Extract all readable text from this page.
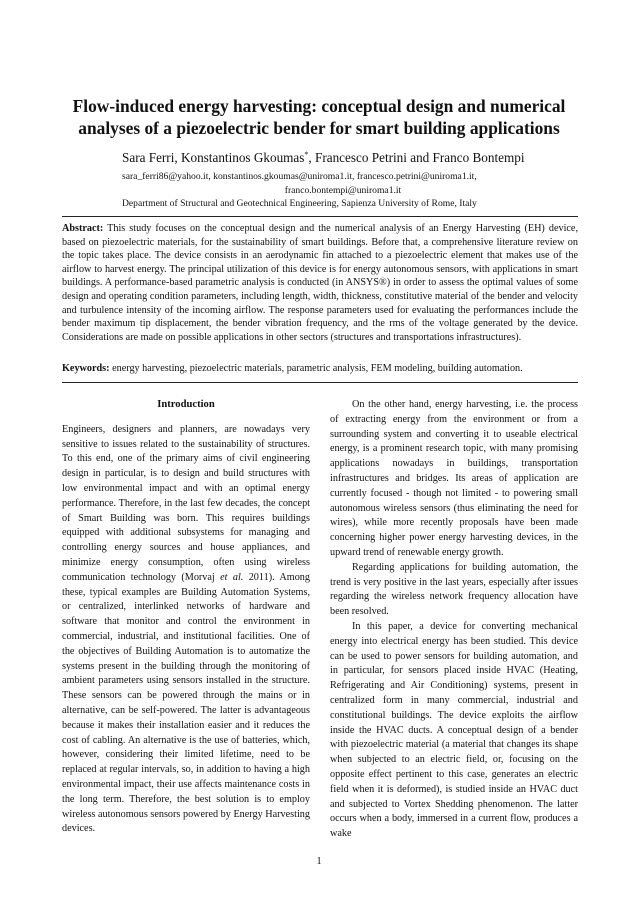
Flow-induced energy harvesting: conceptual design and numerical analyses of a piezoelectric bender for smart building applications
Sara Ferri, Konstantinos Gkoumas*, Francesco Petrini and Franco Bontempi
sara_ferri86@yahoo.it, konstantinos.gkoumas@uniroma1.it, francesco.petrini@uniroma1.it,
franco.bontempi@uniroma1.it
Department of Structural and Geotechnical Engineering, Sapienza University of Rome, Italy
Abstract: This study focuses on the conceptual design and the numerical analysis of an Energy Harvesting (EH) device, based on piezoelectric materials, for the sustainability of smart buildings. Before that, a comprehensive literature review on the topic takes place. The device consists in an aerodynamic fin attached to a piezoelectric element that makes use of the airflow to harvest energy. The principal utilization of this device is for energy autonomous sensors, with applications in smart buildings. A performance-based parametric analysis is conducted (in ANSYS®) in order to assess the optimal values of some design and operating condition parameters, including length, width, thickness, constitutive material of the bender and velocity and turbulence intensity of the incoming airflow. The response parameters used for evaluating the performances include the bender maximum tip displacement, the bender vibration frequency, and the rms of the voltage generated by the device. Considerations are made on possible applications in other sectors (structures and transportations infrastructures).
Keywords: energy harvesting, piezoelectric materials, parametric analysis, FEM modeling, building automation.
Introduction

Engineers, designers and planners, are nowadays very sensitive to issues related to the sustainability of structures. To this end, one of the primary aims of civil engineering design in particular, is to design and build structures with low environmental impact and with an optimal energy performance. Therefore, in the last few decades, the concept of Smart Building was born. This requires buildings equipped with additional subsystems for managing and controlling energy sources and house appliances, and minimize energy consumption, often using wireless communication technology (Morvaj et al. 2011). Among these, typical examples are Building Automation Systems, or centralized, interlinked networks of hardware and software that monitor and control the environment in commercial, industrial, and institutional facilities. One of the objectives of Building Automation is to automatize the systems present in the building through the monitoring of ambient parameters using sensors installed in the structure. These sensors can be powered through the mains or in alternative, can be self-powered. The latter is advantageous because it makes their installation easier and it reduces the cost of cabling. An alternative is the use of batteries, which, however, considering their limited lifetime, need to be replaced at regular intervals, so, in addition to having a high environmental impact, their use affects maintenance costs in the long term. Therefore, the best solution is to employ wireless autonomous sensors powered by Energy Harvesting devices.

On the other hand, energy harvesting, i.e. the process of extracting energy from the environment or from a surrounding system and converting it to useable electrical energy, is a prominent research topic, with many promising applications nowadays in buildings, transportation infrastructures and bridges. Its areas of application are currently focused - though not limited - to powering small autonomous wireless sensors (thus eliminating the need for wires), while more recently proposals have been made concerning higher power energy harvesting devices, in the upward trend of renewable energy growth.

Regarding applications for building automation, the trend is very positive in the last years, especially after issues regarding the wireless network frequency allocation have been resolved.

In this paper, a device for converting mechanical energy into electrical energy has been studied. This device can be used to power sensors for building automation, and in particular, for sensors placed inside HVAC (Heating, Refrigerating and Air Conditioning) systems, present in centralized form in many commercial, industrial and constitutional buildings. The device exploits the airflow inside the HVAC ducts. A conceptual design of a bender with piezoelectric material (a material that changes its shape when subjected to an electric field, or, focusing on the opposite effect pertinent to this case, generates an electric field when it is deformed), is studied inside an HVAC duct and subjected to Vortex Shedding phenomenon. The latter occurs when a body, immersed in a current flow, produces a wake

1
